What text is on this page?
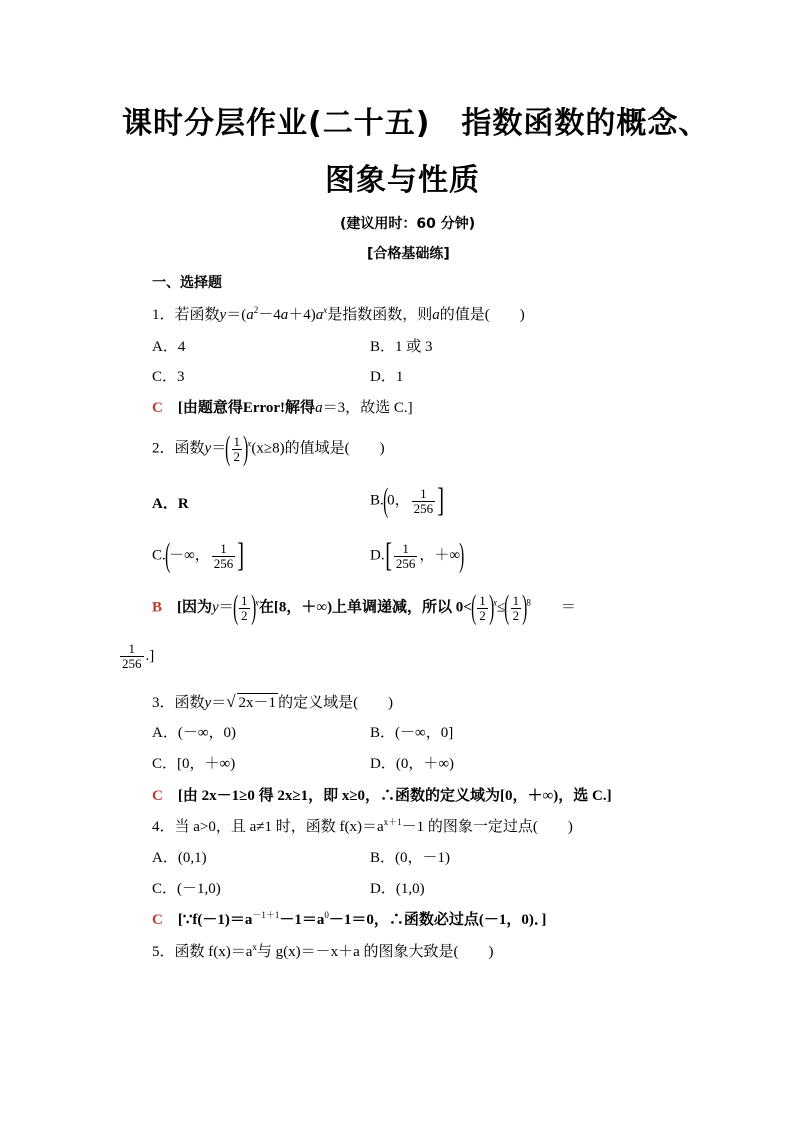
课时分层作业(二十五)　指数函数的概念、
图象与性质
(建议用时：60 分钟)
[合格基础练]
一、选择题
1．若函数$y=(a^2-4a+4)a^x$是指数函数，则a的值是(　　)
A．4	B．1 或 3
C．3	D．1
C　 [由题意得Error!解得a＝3，故选 C.]
2．函数$y=( \frac{1}{2} )^x(x\ge 8)$的值域是(　　)
A．R	B.(0， $\frac{1}{256}$ ]
C.(－∞， $\frac{1}{256}$ ]	$D.[ \frac{1}{256}$ ，＋∞)
B　 [因为$y=( \frac{1}{2} )^x$在[8，＋∞)上单调递减，所以 $0<( \frac{1}{2} )^x\le( \frac{1}{2} )^8$　　 ＝
$\frac{1}{256}$ .]
3．函数y＝√ 2x－1 的定义域是(　　)
A．(－∞，0)	B．(－∞，0]
C．[0，＋∞)	D．(0，＋∞)
C　 [由 2x－1≥0 得 2x≥1，即 x≥0，∴函数的定义域为[0，＋∞)，选 C.]
4．当 a>0，且 a≠1 时，函数 $f(x)=a^{x+1}-1$ 的图象一定过点(　　)
A．(0,1)	B．(0，－1)
C．(－1,0)	D．(1,0)
C　 [$\because f(-1)=a^{-1+1}-1=a^0-1=0$，∴函数必过点(－1，0)．]
5．函数 $f(x)=a^x$与 g(x)＝－x＋a 的图象大致是(　　)
